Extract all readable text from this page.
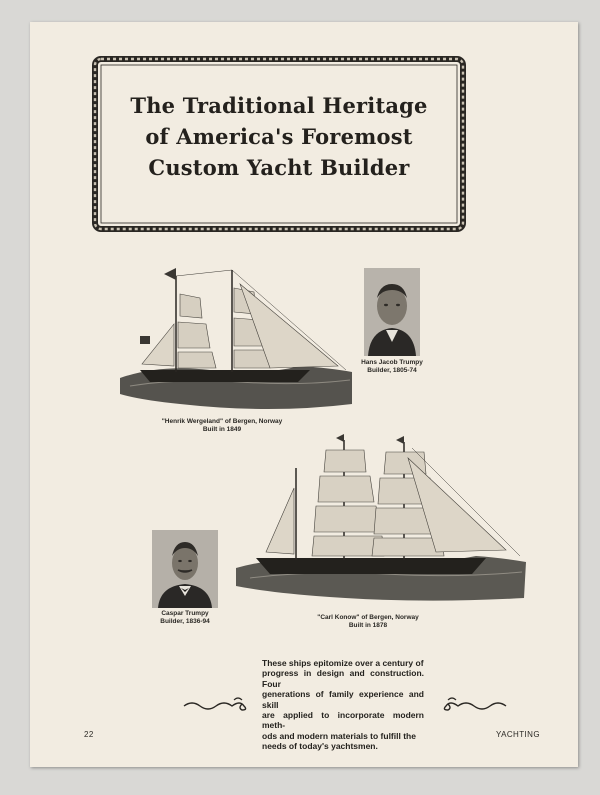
The Traditional Heritage
of America's Foremost
Custom Yacht Builder
"Henrik Wergeland" of Bergen, Norway
Built in 1849
Hans Jacob Trumpy
Builder, 1805-74
"Carl Konow" of Bergen, Norway
Built in 1878
Caspar Trumpy
Builder, 1836-94
These ships epitomize over a century of
progress in design and construction. Four
generations of family experience and skill
are applied to incorporate modern meth-
ods and modern materials to fulfill the
needs of today's yachtsmen.
22	YACHTING
